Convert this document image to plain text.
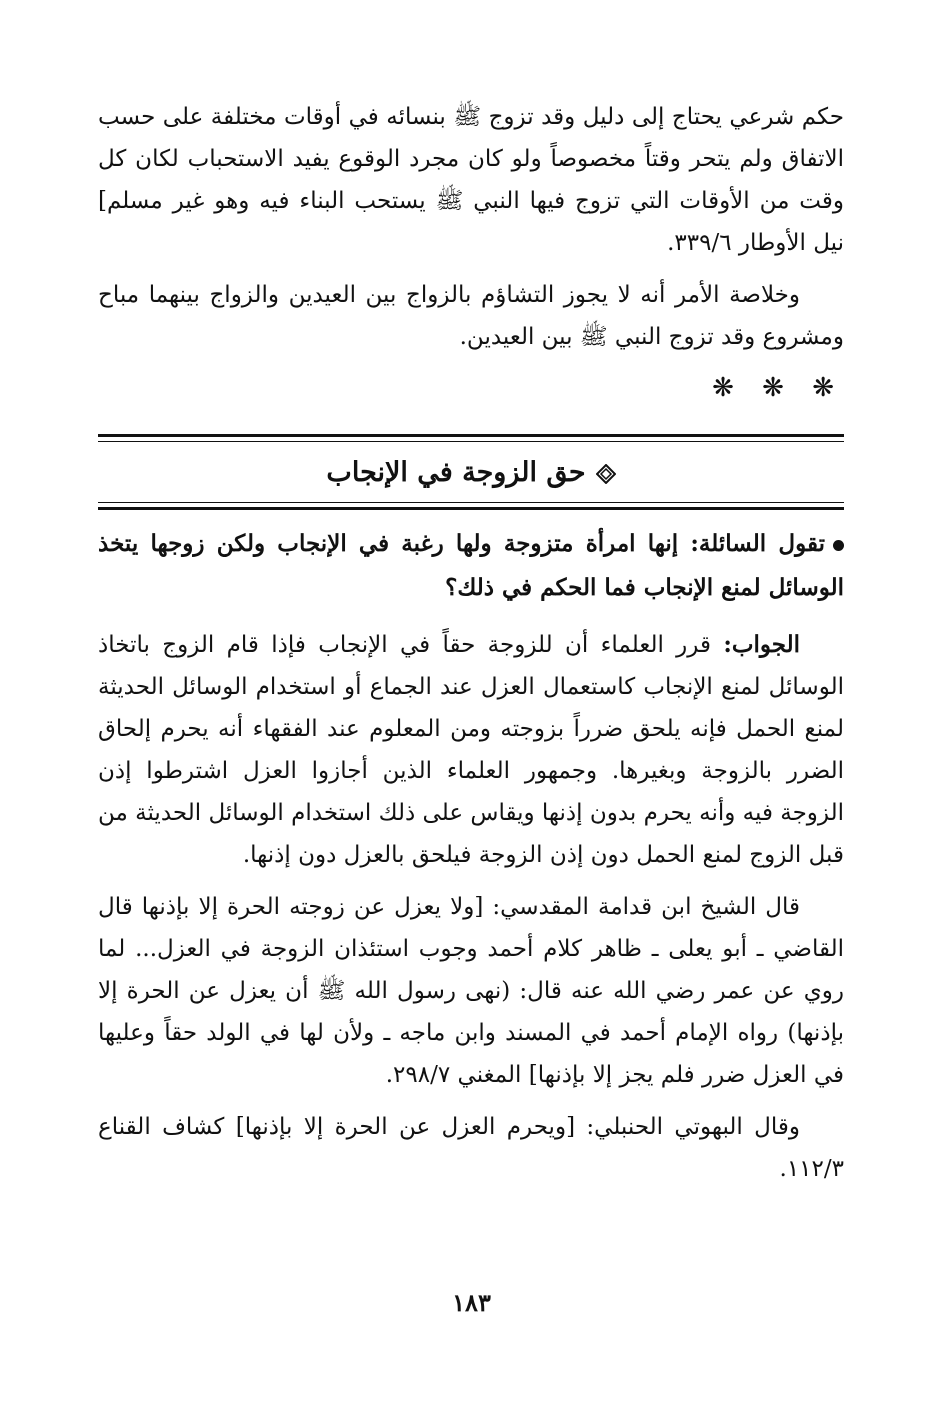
حكم شرعي يحتاج إلى دليل وقد تزوج ﷺ بنسائه في أوقات مختلفة على حسب الاتفاق ولم يتحر وقتاً مخصوصاً ولو كان مجرد الوقوع يفيد الاستحباب لكان كل وقت من الأوقات التي تزوج فيها النبي ﷺ يستحب البناء فيه وهو غير مسلم] نيل الأوطار ٣٣٩/٦.

وخلاصة الأمر أنه لا يجوز التشاؤم بالزواج بين العيدين والزواج بينهما مباح ومشروع وقد تزوج النبي ﷺ بين العيدين.

❋ ❋ ❋
حق الزوجة في الإنجاب

تقول السائلة: إنها امرأة متزوجة ولها رغبة في الإنجاب ولكن زوجها يتخذ الوسائل لمنع الإنجاب فما الحكم في ذلك؟

الجواب: قرر العلماء أن للزوجة حقاً في الإنجاب فإذا قام الزوج باتخاذ الوسائل لمنع الإنجاب كاستعمال العزل عند الجماع أو استخدام الوسائل الحديثة لمنع الحمل فإنه يلحق ضرراً بزوجته ومن المعلوم عند الفقهاء أنه يحرم إلحاق الضرر بالزوجة وبغيرها. وجمهور العلماء الذين أجازوا العزل اشترطوا إذن الزوجة فيه وأنه يحرم بدون إذنها ويقاس على ذلك استخدام الوسائل الحديثة من قبل الزوج لمنع الحمل دون إذن الزوجة فيلحق بالعزل دون إذنها.

قال الشيخ ابن قدامة المقدسي: [ولا يعزل عن زوجته الحرة إلا بإذنها قال القاضي ـ أبو يعلى ـ ظاهر كلام أحمد وجوب استئذان الزوجة في العزل... لما روي عن عمر رضي الله عنه قال: (نهى رسول الله ﷺ أن يعزل عن الحرة إلا بإذنها) رواه الإمام أحمد في المسند وابن ماجه ـ ولأن لها في الولد حقاً وعليها في العزل ضرر فلم يجز إلا بإذنها] المغني ٢٩٨/٧.

وقال البهوتي الحنبلي: [ويحرم العزل عن الحرة إلا بإذنها] كشاف القناع ١١٢/٣.

١٨٣
